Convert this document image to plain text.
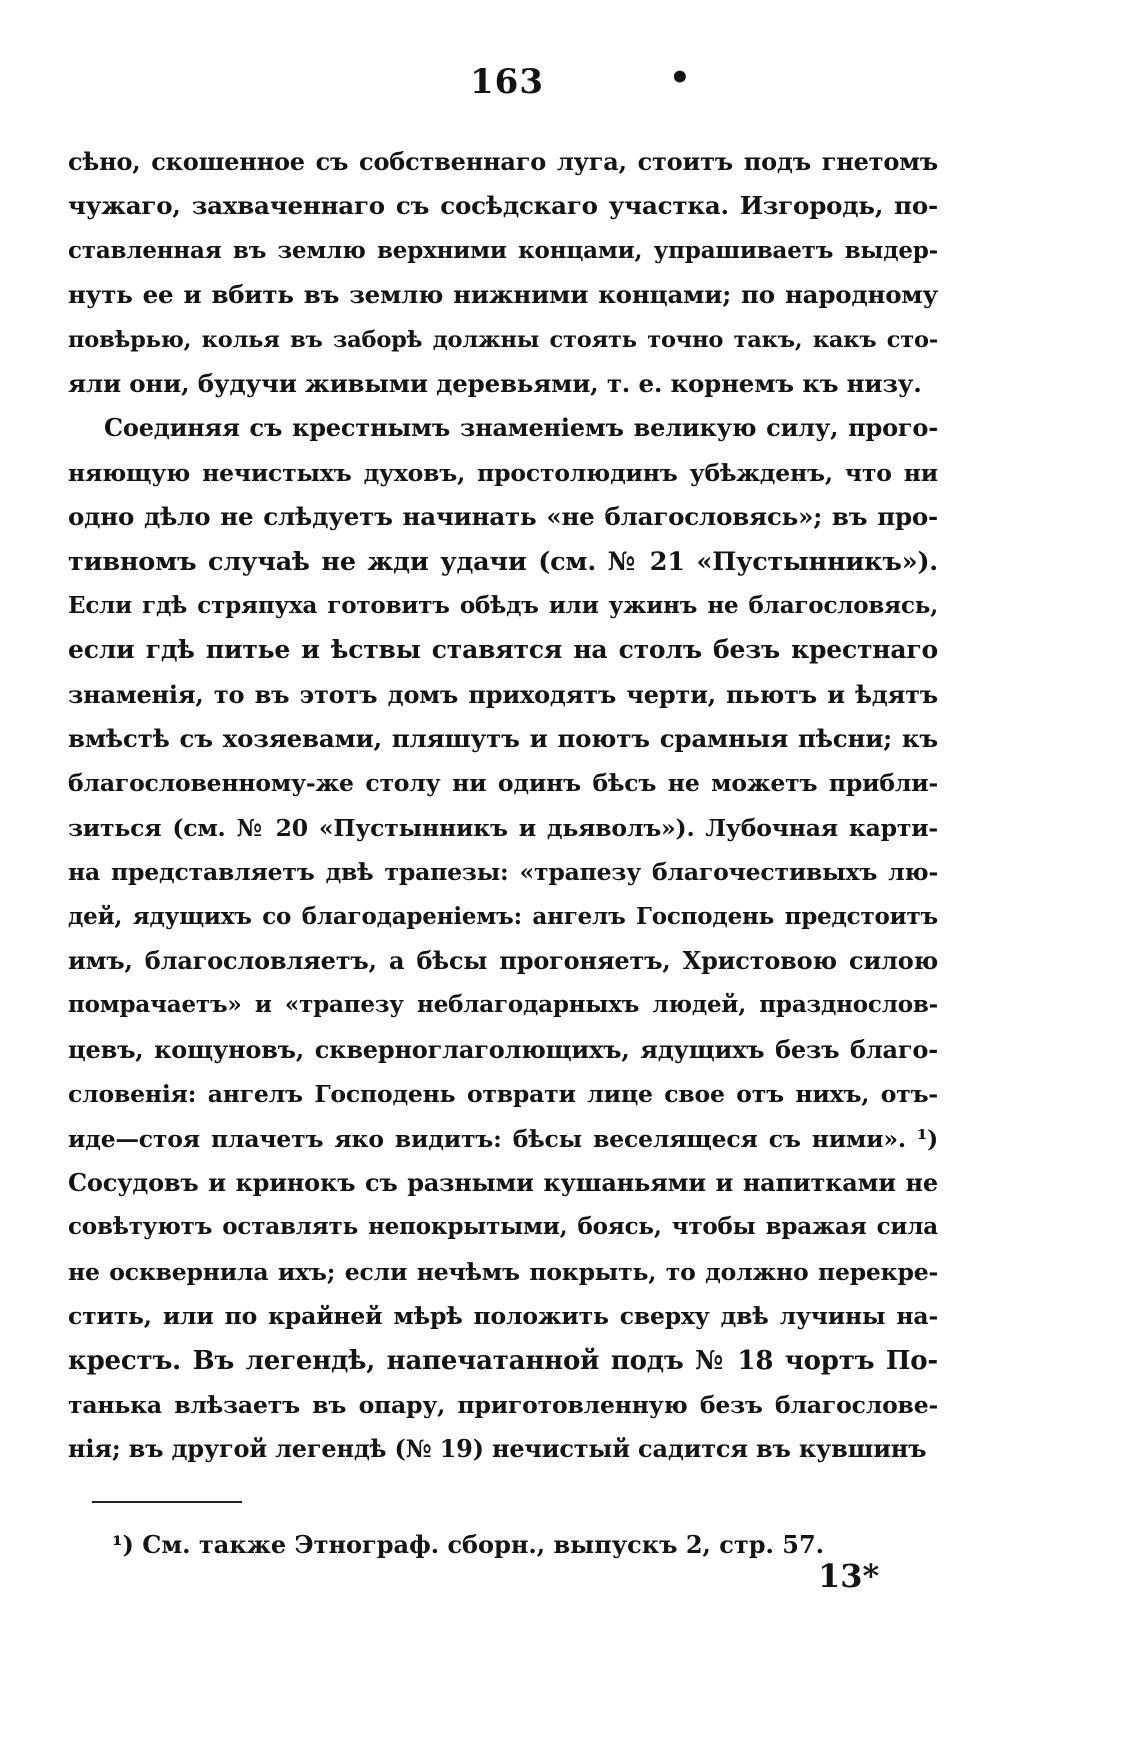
163	•
сѣно, скошенное съ собственнаго луга, стоитъ подъ гнетомъ
чужаго, захваченнаго съ сосѣдскаго участка. Изгородь, по-
ставленная въ землю верхними концами, упрашиваетъ выдер-
нуть ее и вбить въ землю нижними концами; по народному
повѣрью, колья въ заборѣ должны стоять точно такъ, какъ сто-
яли они, будучи живыми деревьями, т. е. корнемъ къ низу.
Соединяя съ крестнымъ знаменіемъ великую силу, прого-
няющую нечистыхъ духовъ, простолюдинъ убѣжденъ, что ни
одно дѣло не слѣдуетъ начинать «не благословясь»; въ про-
тивномъ случаѣ не жди удачи (см. № 21 «Пустынникъ»).
Если гдѣ стряпуха готовитъ обѣдъ или ужинъ не благословясь,
если гдѣ питье и ѣствы ставятся на столъ безъ крестнаго
знаменія, то въ этотъ домъ приходятъ черти, пьютъ и ѣдятъ
вмѣстѣ съ хозяевами, пляшутъ и поютъ срамныя пѣсни; къ
благословенному-же столу ни одинъ бѣсъ не можетъ прибли-
зиться (см. № 20 «Пустынникъ и дьяволъ»). Лубочная карти-
на представляетъ двѣ трапезы: «трапезу благочестивыхъ лю-
дей, ядущихъ со благодареніемъ: ангелъ Господень предстоитъ
имъ, благословляетъ, а бѣсы прогоняетъ, Христовою силою
помрачаетъ» и «трапезу неблагодарныхъ людей, празднослов-
цевъ, кощуновъ, скверноглаголющихъ, ядущихъ безъ благо-
словенія: ангелъ Господень отврати лице свое отъ нихъ, отъ-
иде—стоя плачетъ яко видитъ: бѣсы веселящеся съ ними». ¹)
Сосудовъ и кринокъ съ разными кушаньями и напитками не
совѣтуютъ оставлять непокрытыми, боясь, чтобы вражая сила
не осквернила ихъ; если нечѣмъ покрыть, то должно перекре-
стить, или по крайней мѣрѣ положить сверху двѣ лучины на-
крестъ. Въ легендѣ, напечатанной подъ № 18 чортъ По-
танька влѣзаетъ въ опару, приготовленную безъ благослове-
нія; въ другой легендѣ (№ 19) нечистый садится въ кувшинъ
¹) См. также Этнограф. сборн., выпускъ 2, стр. 57.
13*
